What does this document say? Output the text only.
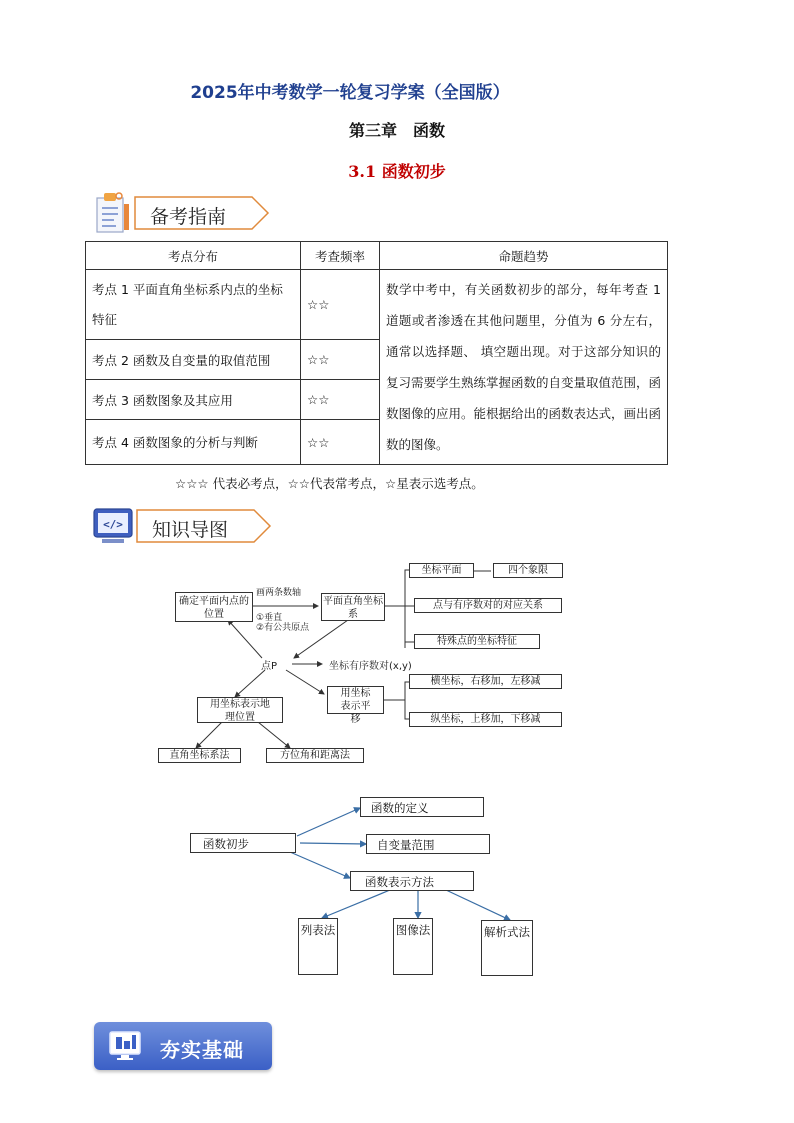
2025年中考数学一轮复习学案（全国版）
第三章　函数
3.1 函数初步
备考指南
考点分布	考查频率	命题趋势
考点 1 平面直角坐标系内点的坐标特征	☆☆	数学中考中，有关函数初步的部分，每年考查 1 道题或者渗透在其他问题里，分值为 6 分左右，通常以选择题、 填空题出现。对于这部分知识的复习需要学生熟练掌握函数的自变量取值范围，函数图像的应用。能根据给出的函数表达式，画出函数的图像。
考点 2 函数及自变量的取值范围	☆☆	
考点 3 函数图象及其应用	☆☆	
考点 4 函数图象的分析与判断	☆☆	
☆☆☆ 代表必考点，☆☆代表常考点，☆星表示选考点。
</> 知识导图
确定平面内点的位置
画两条数轴
①垂直
②有公共原点
平面直角坐标系
坐标平面	四个象限
点与有序数对的对应关系
特殊点的坐标特征
点P	坐标有序数对(x,y)
用坐标表示地理位置
用坐标表示平移
横坐标，右移加，左移减
纵坐标，上移加，下移减
直角坐标系法	方位角和距离法
函数初步
函数的定义
自变量范围
函数表示方法
列表法	图像法	解析式法
夯实基础
